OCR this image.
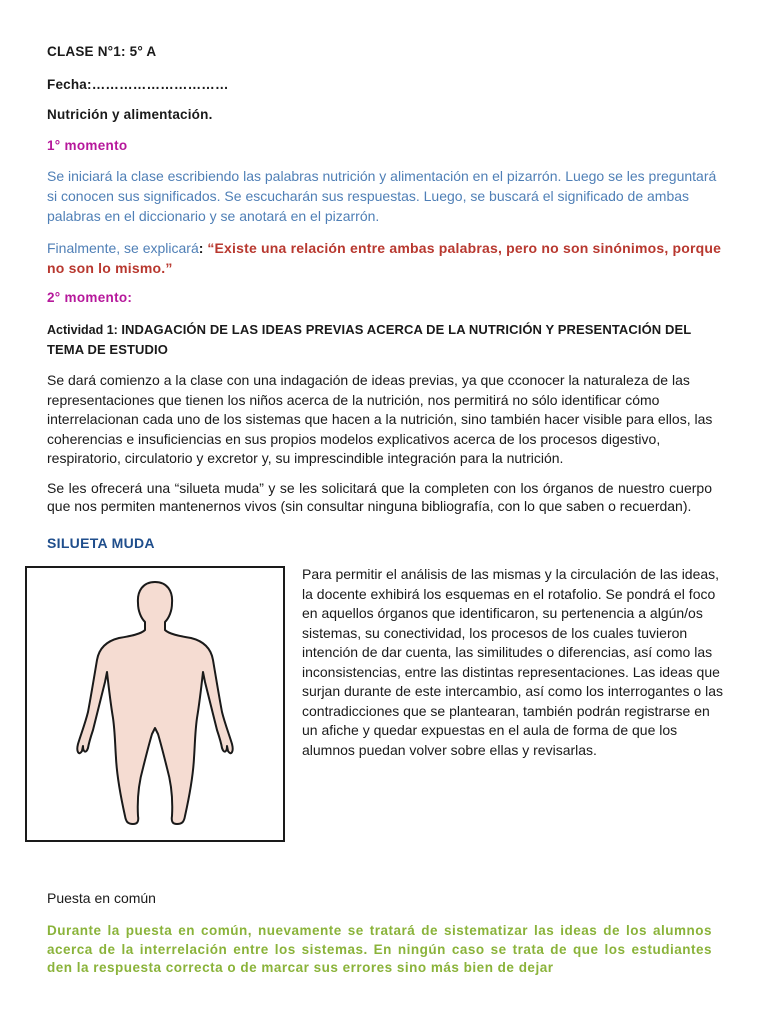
CLASE N°1: 5° A

Fecha:…………………………

Nutrición y alimentación.

1° momento

Se iniciará la clase escribiendo las palabras nutrición y alimentación en el pizarrón. Luego se les preguntará si conocen sus significados. Se escucharán sus respuestas. Luego, se buscará el significado de ambas palabras en el diccionario y se anotará en el pizarrón.

Finalmente, se explicará: “Existe una relación entre ambas palabras, pero no son sinónimos, porque no son lo mismo.”

2° momento:

Actividad 1: INDAGACIÓN DE LAS IDEAS PREVIAS ACERCA DE LA NUTRICIÓN Y PRESENTACIÓN DEL TEMA DE ESTUDIO

Se dará comienzo a la clase con una indagación de ideas previas, ya que cconocer la naturaleza de las representaciones que tienen los niños acerca de la nutrición, nos permitirá no sólo identificar cómo interrelacionan cada uno de los sistemas que hacen a la nutrición, sino también hacer visible para ellos, las coherencias e insuficiencias en sus propios modelos explicativos acerca de los procesos digestivo, respiratorio, circulatorio y excretor y, su imprescindible integración para la nutrición.

Se les ofrecerá una “silueta muda” y se les solicitará que la completen con los órganos de nuestro cuerpo que nos permiten mantenernos vivos (sin consultar ninguna bibliografía, con lo que saben o recuerdan).

SILUETA MUDA

Para permitir el análisis de las mismas y la circulación de las ideas, la docente exhibirá los esquemas en el rotafolio. Se pondrá el foco en aquellos órganos que identificaron, su pertenencia a algún/os sistemas, su conectividad, los procesos de los cuales tuvieron intención de dar cuenta, las similitudes o diferencias, así como las inconsistencias, entre las distintas representaciones. Las ideas que surjan durante de este intercambio, así como los interrogantes o las contradicciones que se plantearan, también podrán registrarse en un afiche y quedar expuestas en el aula de forma de que los alumnos puedan volver sobre ellas y revisarlas.

Puesta en común

Durante la puesta en común, nuevamente se tratará de sistematizar las ideas de los alumnos acerca de la interrelación entre los sistemas. En ningún caso se trata de que los estudiantes den la respuesta correcta o de marcar sus errores sino más bien de dejar
